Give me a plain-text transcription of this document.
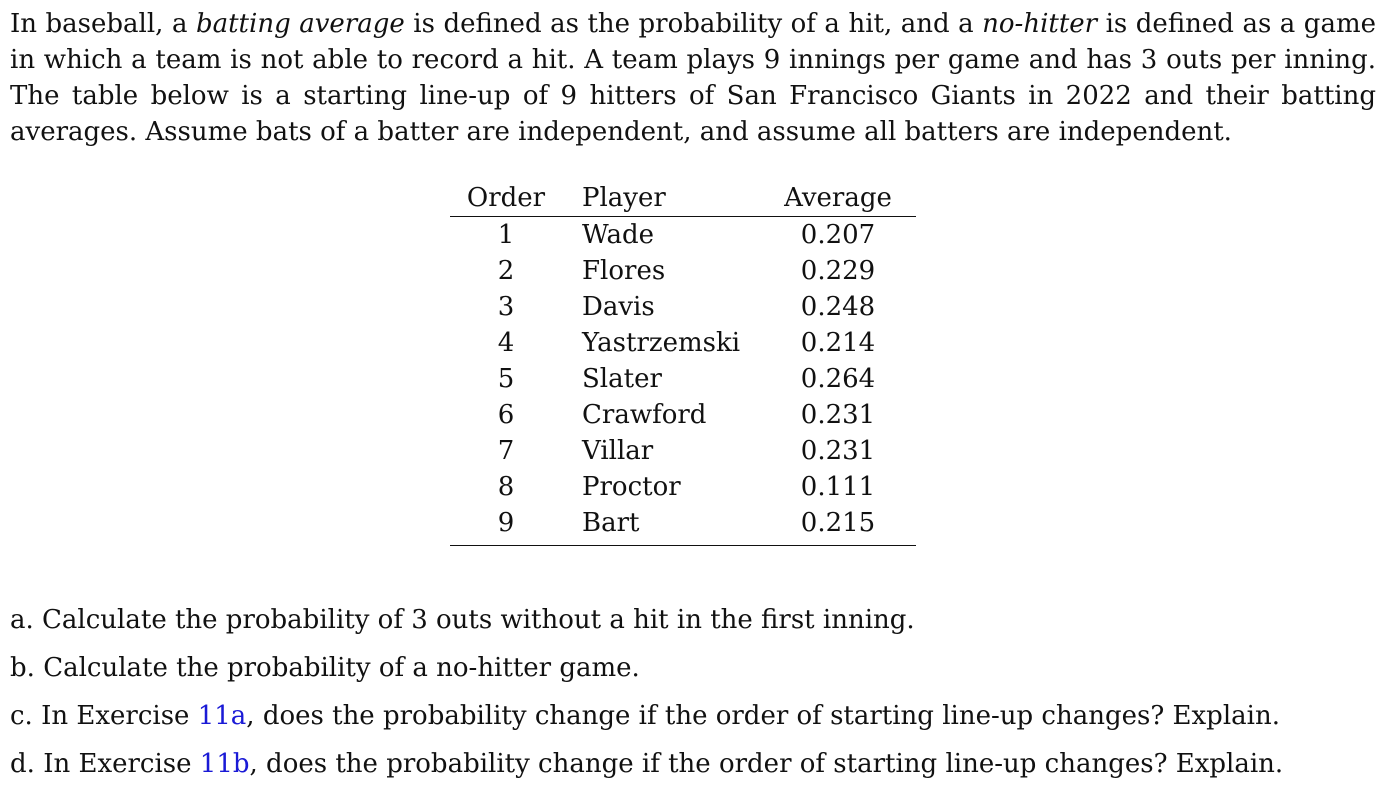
In baseball, a batting average is defined as the probability of a hit, and a no-hitter is defined as a game in which a team is not able to record a hit. A team plays 9 innings per game and has 3 outs per inning. The table below is a starting line-up of 9 hitters of San Francisco Giants in 2022 and their batting averages. Assume bats of a batter are independent, and assume all batters are independent.
Order	Player	Average
1	Wade	0.207
2	Flores	0.229
3	Davis	0.248
4	Yastrzemski	0.214
5	Slater	0.264
6	Crawford	0.231
7	Villar	0.231
8	Proctor	0.111
9	Bart	0.215
a. Calculate the probability of 3 outs without a hit in the first inning.
b. Calculate the probability of a no-hitter game.
c. In Exercise 11a, does the probability change if the order of starting line-up changes? Explain.
d. In Exercise 11b, does the probability change if the order of starting line-up changes? Explain.
